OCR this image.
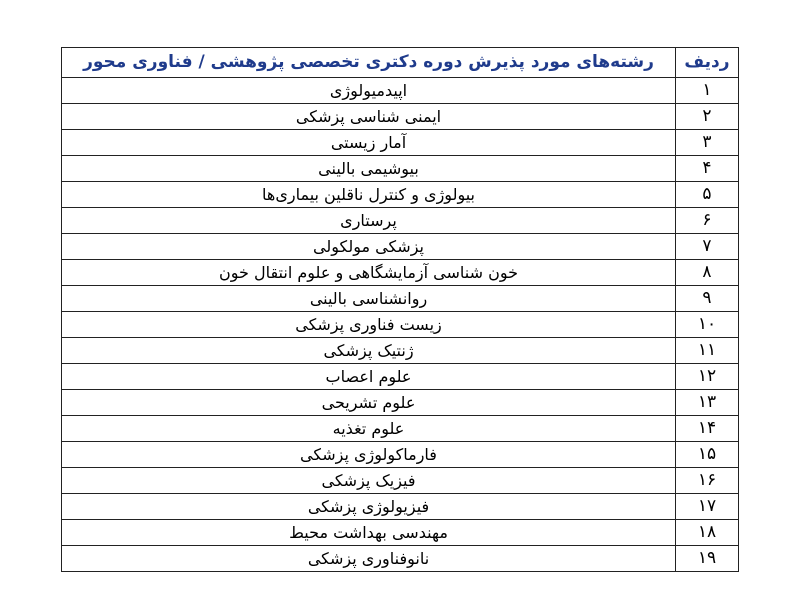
ردیف	رشته‌های مورد پذیرش دوره دکتری تخصصی پژوهشی / فناوری محور
۱	اپیدمیولوژی
۲	ایمنی شناسی پزشکی
۳	آمار زیستی
۴	بیوشیمی بالینی
۵	بیولوژی و کنترل ناقلین بیماری‌ها
۶	پرستاری
۷	پزشکی مولکولی
۸	خون شناسی آزمایشگاهی و علوم انتقال خون
۹	روانشناسی بالینی
۱۰	زیست فناوری پزشکی
۱۱	ژنتیک پزشکی
۱۲	علوم اعصاب
۱۳	علوم تشریحی
۱۴	علوم تغذیه
۱۵	فارماکولوژی پزشکی
۱۶	فیزیک پزشکی
۱۷	فیزیولوژی پزشکی
۱۸	مهندسی بهداشت محیط
۱۹	نانوفناوری پزشکی
